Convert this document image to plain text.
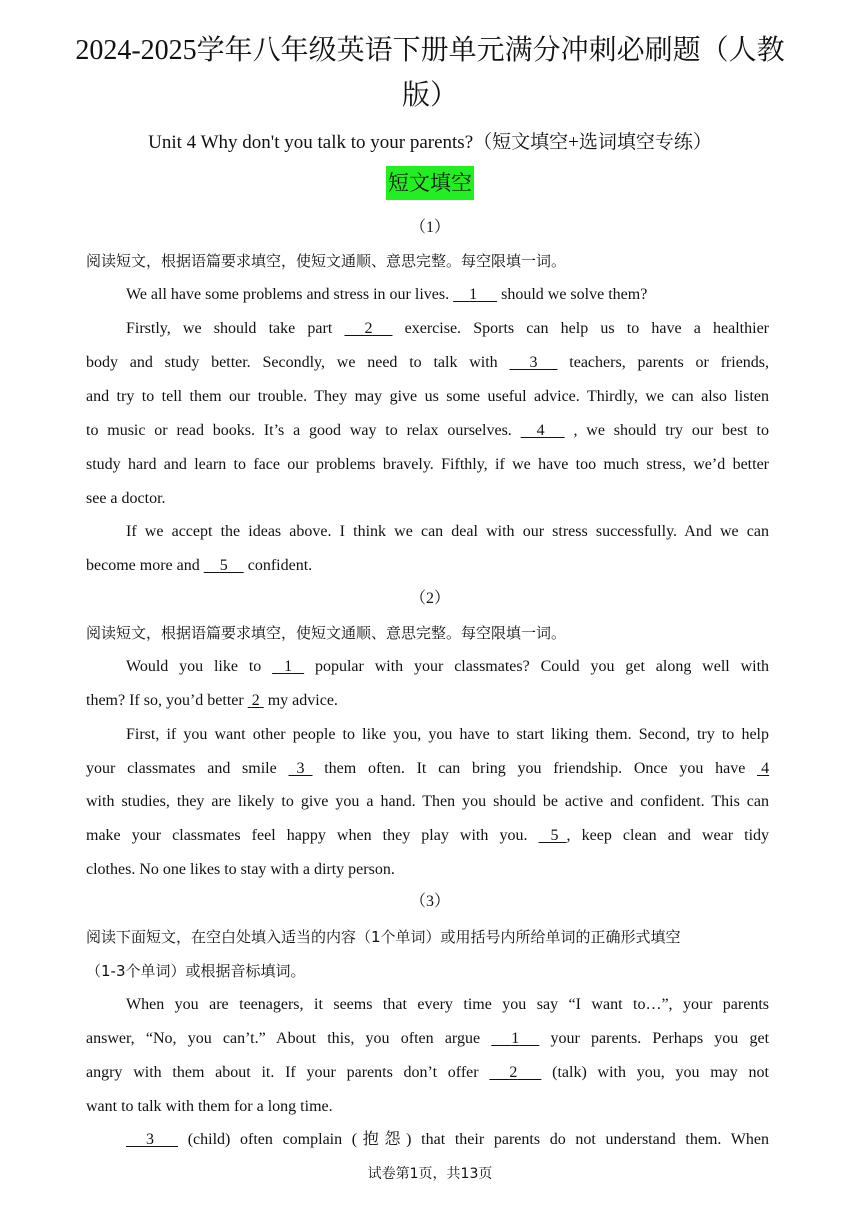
2024-2025学年八年级英语下册单元满分冲刺必刷题（人教
版）
Unit 4 Why don't you talk to your parents?（短文填空+选词填空专练）
短文填空
（1）
阅读短文，根据语篇要求填空，使短文通顺、意思完整。每空限填一词。
We all have some problems and stress in our lives. 1 should we solve them?
Firstly, we should take part 2 exercise. Sports can help us to have a healthier
body and study better. Secondly, we need to talk with 3 teachers, parents or friends,
and try to tell them our trouble. They may give us some useful advice. Thirdly, we can also listen
to music or read books. It’s a good way to relax ourselves. 4 , we should try our best to
study hard and learn to face our problems bravely. Fifthly, if we have too much stress, we’d better
see a doctor.
If we accept the ideas above. I think we can deal with our stress successfully. And we can
become more and 5 confident.
（2）
阅读短文，根据语篇要求填空，使短文通顺、意思完整。每空限填一词。
Would you like to 1 popular with your classmates? Could you get along well with
them? If so, you’d better 2 my advice.
First, if you want other people to like you, you have to start liking them. Second, try to help
your classmates and smile 3 them often. It can bring you friendship. Once you have 4
with studies, they are likely to give you a hand. Then you should be active and confident. This can
make your classmates feel happy when they play with you. 5 , keep clean and wear tidy
clothes. No one likes to stay with a dirty person.
（3）
阅读下面短文，在空白处填入适当的内容（1个单词）或用括号内所给单词的正确形式填空
（1-3个单词）或根据音标填词。
When you are teenagers, it seems that every time you say “I want to…”, your parents
answer, “No, you can’t.” About this, you often argue 1 your parents. Perhaps you get
angry with them about it. If your parents don’t offer 2 (talk) with you, you may not
want to talk with them for a long time.
3 (child) often complain (抱怨) that their parents do not understand them. When
试卷第1页，共13页
